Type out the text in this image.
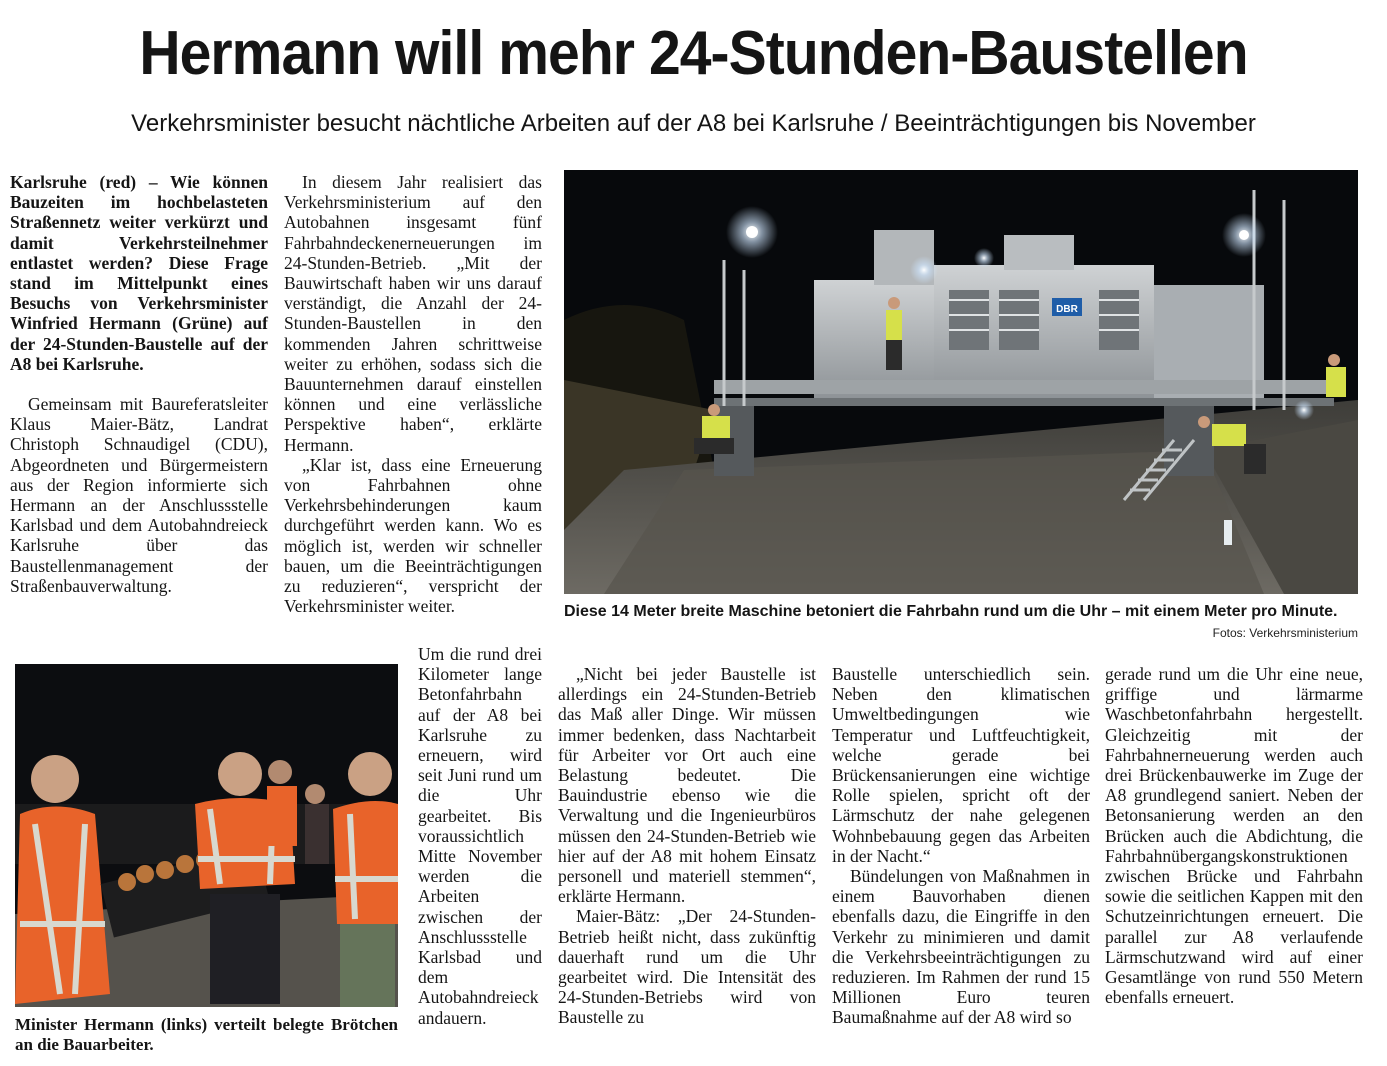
Hermann will mehr 24-Stunden-Baustellen
Verkehrsminister besucht nächtliche Arbeiten auf der A8 bei Karlsruhe / Beeinträchtigungen bis November

Karlsruhe (red) – Wie können Bauzeiten im hochbelasteten Straßennetz weiter verkürzt und damit Verkehrsteilnehmer entlastet werden? Diese Frage stand im Mittelpunkt eines Besuchs von Verkehrsminister Winfried Hermann (Grüne) auf der 24-Stunden-Baustelle auf der A8 bei Karlsruhe.

Gemeinsam mit Baureferatsleiter Klaus Maier-Bätz, Landrat Christoph Schnaudigel (CDU), Abgeordneten und Bürgermeistern aus der Region informierte sich Hermann an der Anschlussstelle Karlsbad und dem Autobahndreieck Karlsruhe über das Baustellenmanagement der Straßenbauverwaltung.

In diesem Jahr realisiert das Verkehrsministerium auf den Autobahnen insgesamt fünf Fahrbahndeckenerneuerungen im 24-Stunden-Betrieb. „Mit der Bauwirtschaft haben wir uns darauf verständigt, die Anzahl der 24-Stunden-Baustellen in den kommenden Jahren schrittweise weiter zu erhöhen, sodass sich die Bauunternehmen darauf einstellen können und eine verlässliche Perspektive haben“, erklärte Hermann.

„Klar ist, dass eine Erneuerung von Fahrbahnen ohne Verkehrsbehinderungen kaum durchgeführt werden kann. Wo es möglich ist, werden wir schneller bauen, um die Beeinträchtigungen zu reduzieren“, verspricht der Verkehrsminister weiter.

DBR
Diese 14 Meter breite Maschine betoniert die Fahrbahn rund um die Uhr – mit einem Meter pro Minute.
Fotos: Verkehrsministerium
Minister Hermann (links) verteilt belegte Brötchen an die Bauarbeiter.

Um die rund drei Kilometer lange Betonfahrbahn auf der A8 bei Karlsruhe zu erneuern, wird seit Juni rund um die Uhr gearbeitet. Bis voraussichtlich Mitte November werden die Arbeiten zwischen der Anschlussstelle Karlsbad und dem Autobahndreieck andauern.

„Nicht bei jeder Baustelle ist allerdings ein 24-Stunden-Betrieb das Maß aller Dinge. Wir müssen immer bedenken, dass Nachtarbeit für Arbeiter vor Ort auch eine Belastung bedeutet. Die Bauindustrie ebenso wie die Verwaltung und die Ingenieurbüros müssen den 24-Stunden-Betrieb wie hier auf der A8 mit hohem Einsatz personell und materiell stemmen“, erklärte Hermann.

Maier-Bätz: „Der 24-Stunden-Betrieb heißt nicht, dass zukünftig dauerhaft rund um die Uhr gearbeitet wird. Die Intensität des 24-Stunden-Betriebs wird von Baustelle zu

Baustelle unterschiedlich sein. Neben den klimatischen Umweltbedingungen wie Temperatur und Luftfeuchtigkeit, welche gerade bei Brückensanierungen eine wichtige Rolle spielen, spricht oft der Lärmschutz der nahe gelegenen Wohnbebauung gegen das Arbeiten in der Nacht.“

Bündelungen von Maßnahmen in einem Bauvorhaben dienen ebenfalls dazu, die Eingriffe in den Verkehr zu minimieren und damit die Verkehrsbeeinträchtigungen zu reduzieren. Im Rahmen der rund 15 Millionen Euro teuren Baumaßnahme auf der A8 wird so

gerade rund um die Uhr eine neue, griffige und lärmarme Waschbetonfahrbahn hergestellt. Gleichzeitig mit der Fahrbahnerneuerung werden auch drei Brückenbauwerke im Zuge der A8 grundlegend saniert. Neben der Betonsanierung werden an den Brücken auch die Abdichtung, die Fahrbahnübergangskonstruktionen zwischen Brücke und Fahrbahn sowie die seitlichen Kappen mit den Schutzeinrichtungen erneuert. Die parallel zur A8 verlaufende Lärmschutzwand wird auf einer Gesamtlänge von rund 550 Metern ebenfalls erneuert.
